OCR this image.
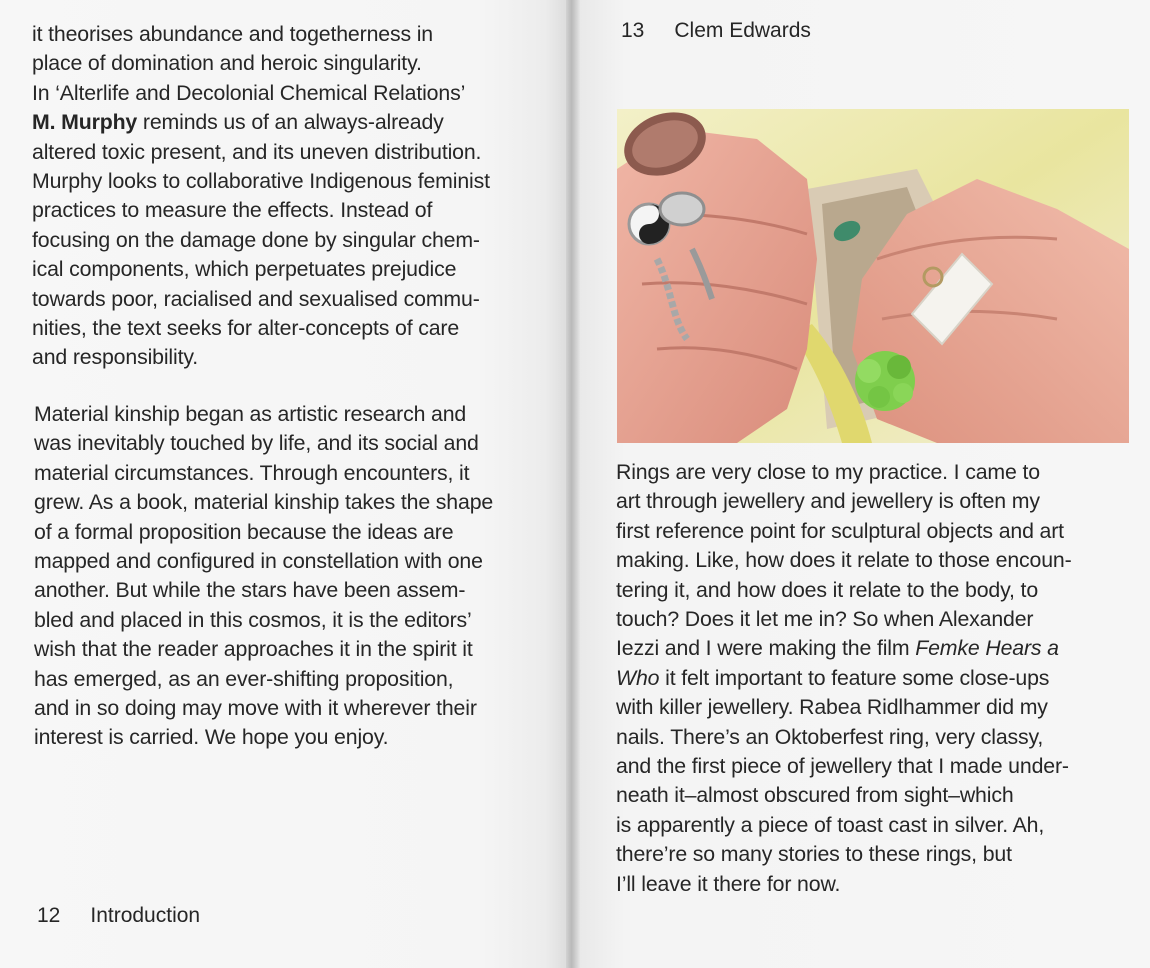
it theorises abundance and togetherness in
place of domination and heroic singularity.
In ‘Alterlife and Decolonial Chemical Relations’
M. Murphy reminds us of an always-already
altered toxic present, and its uneven distribution.
Murphy looks to collaborative Indigenous feminist
practices to measure the effects. Instead of
focusing on the damage done by singular chem-
ical components, which perpetuates prejudice
towards poor, racialised and sexualised commu-
nities, the text seeks for alter-concepts of care
and responsibility.

Material kinship began as artistic research and
was inevitably touched by life, and its social and
material circumstances. Through encounters, it
grew. As a book, material kinship takes the shape
of a formal proposition because the ideas are
mapped and configured in constellation with one
another. But while the stars have been assem-
bled and placed in this cosmos, it is the editors’
wish that the reader approaches it in the spirit it
has emerged, as an ever-shifting proposition,
and in so doing may move with it wherever their
interest is carried. We hope you enjoy.

12 Introduction
13 Clem Edwards

Rings are very close to my practice. I came to
art through jewellery and jewellery is often my
first reference point for sculptural objects and art
making. Like, how does it relate to those encoun-
tering it, and how does it relate to the body, to
touch? Does it let me in? So when Alexander
Iezzi and I were making the film Femke Hears a
Who it felt important to feature some close-ups
with killer jewellery. Rabea Ridlhammer did my
nails. There’s an Oktoberfest ring, very classy,
and the first piece of jewellery that I made under-
neath it–almost obscured from sight–which
is apparently a piece of toast cast in silver. Ah,
there’re so many stories to these rings, but
I’ll leave it there for now.
